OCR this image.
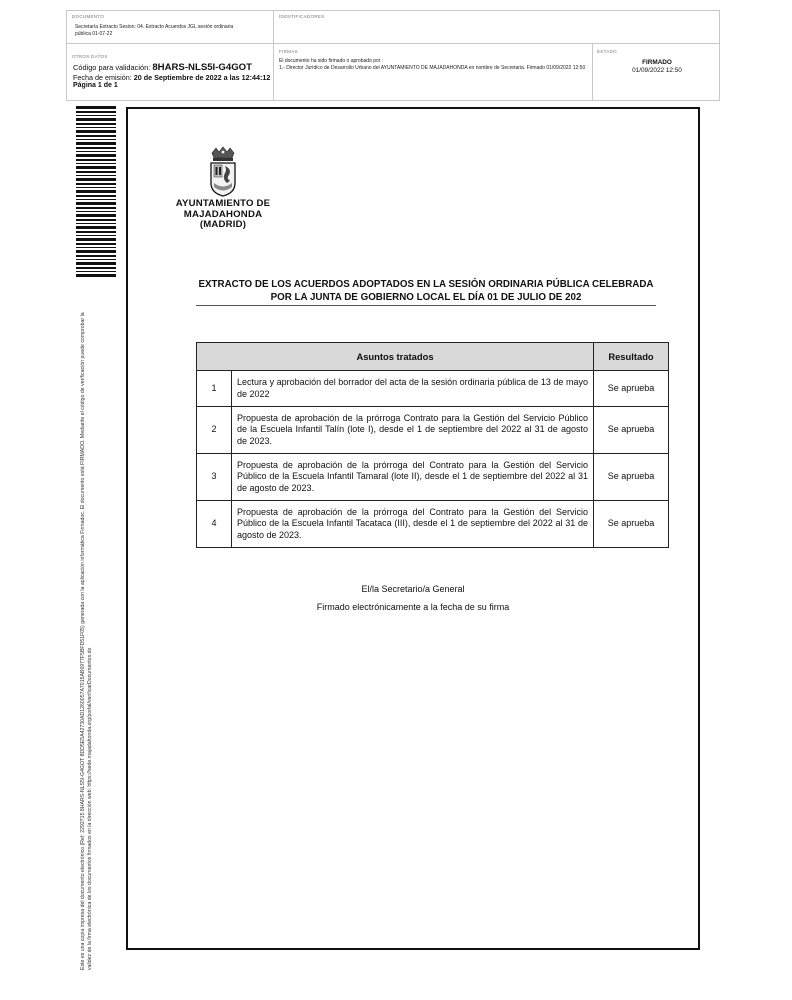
DOCUMENTO
Secretaría Extracto Sesion: 04. Extracto Acuerdos JGL sesión ordinaria pública 01-07-22
IDENTIFICADORES
OTROS DATOS
Código para validación: 8HARS-NLS5I-G4GOT
Fecha de emisión: 20 de Septiembre de 2022 a las 12:44:12
Página 1 de 1
FIRMAS
El documento ha sido firmado o aprobado por :
1.- Director Jurídico de Desarrollo Urbano del AYUNTAMIENTO DE MAJADAHONDA en nombre de Secretaria. Firmado 01/09/2022 12:50
ESTADO
FIRMADO
01/09/2022 12:50
Este es una copia impresa del documento electrónico (Ref: 2292715 8HARS-NLS5I-G4GOT 8DD5E5A42730AD1260057A7015AB6977F5BFD51F05) generada con la aplicación informática Firmadoc. El documento está FIRMADO. Mediante el código de verificación puede comprobar la validez de la firma electrónica de los documentos firmados en la dirección web: https://sede.majadahonda.org/portal/verificarDocumentos.do
AYUNTAMIENTO DE
MAJADAHONDA
(MADRID)
EXTRACTO DE LOS ACUERDOS ADOPTADOS EN LA SESIÓN ORDINARIA PÚBLICA CELEBRADA
POR LA JUNTA DE GOBIERNO LOCAL EL DÍA 01 DE JULIO DE 202
Asuntos tratados		Resultado
1	Lectura y aprobación del borrador del acta de la sesión ordinaria pública de 13 de mayo de 2022	Se aprueba
2	Propuesta de aprobación de la prórroga Contrato para la Gestión del Servicio Público de la Escuela Infantil Talín (lote I), desde el 1 de septiembre del 2022 al 31 de agosto de 2023.	Se aprueba
3	Propuesta de aprobación de la prórroga del Contrato para la Gestión del Servicio Público de la Escuela Infantil Tamaral (lote II), desde el 1 de septiembre del 2022 al 31 de agosto de 2023.	Se aprueba
4	Propuesta de aprobación de la prórroga del Contrato para la Gestión del Servicio Público de la Escuela Infantil Tacataca (III), desde el 1 de septiembre del 2022 al 31 de agosto de 2023.	Se aprueba
El/la Secretario/a General
Firmado electrónicamente a la fecha de su firma
